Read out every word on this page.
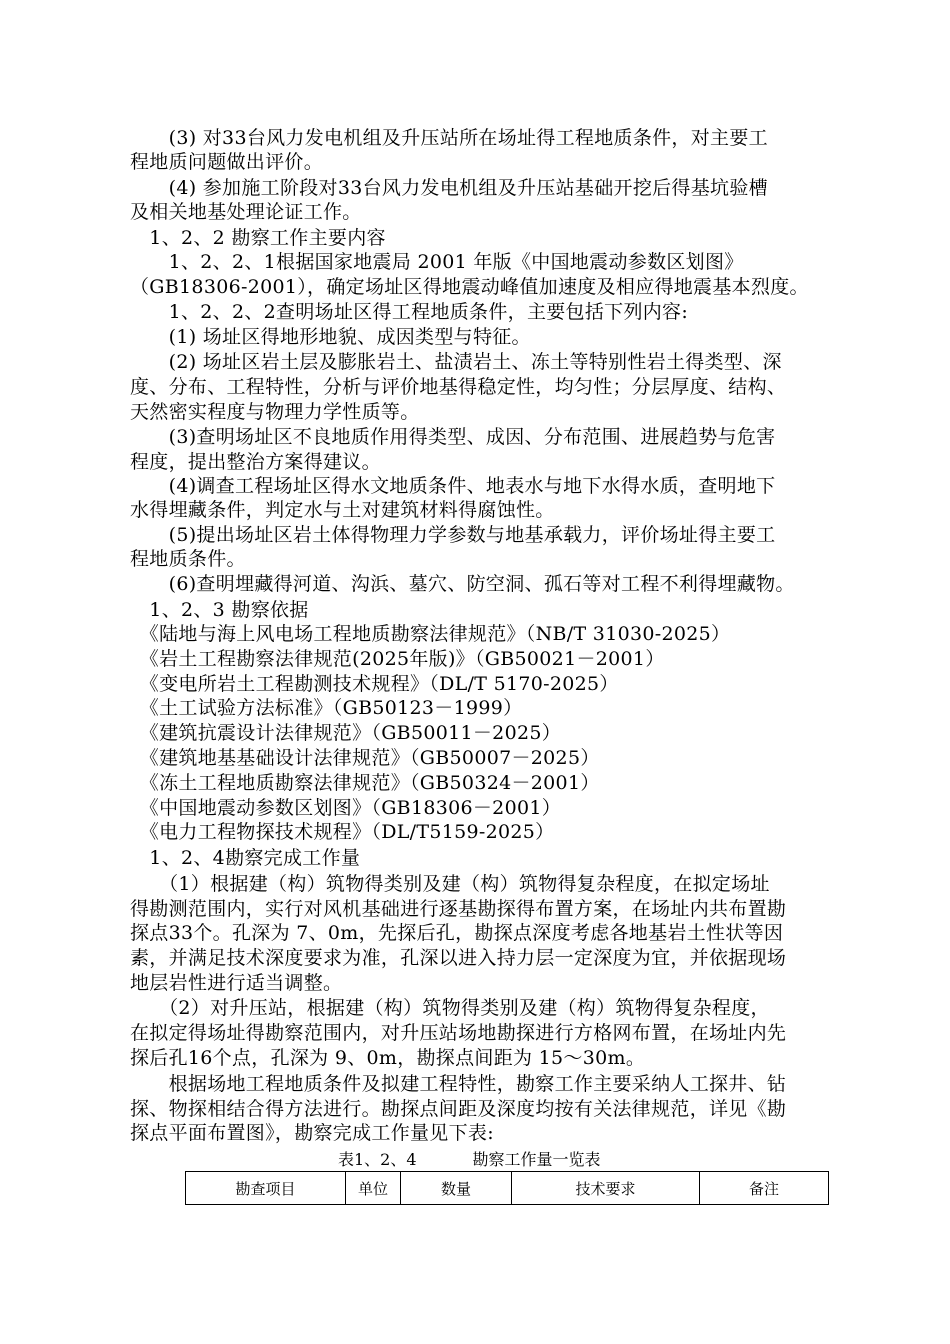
　　(3) 对33台风力发电机组及升压站所在场址得工程地质条件，对主要工
程地质问题做出评价。
　　(4) 参加施工阶段对33台风力发电机组及升压站基础开挖后得基坑验槽
及相关地基处理论证工作。
　1、2、2 勘察工作主要内容
　　1、2、2、1根据国家地震局 2001 年版《中国地震动参数区划图》
（GB18306-2001），确定场址区得地震动峰值加速度及相应得地震基本烈度。
　　1、2、2、2查明场址区得工程地质条件，主要包括下列内容:
　　(1) 场址区得地形地貌、成因类型与特征。
　　(2) 场址区岩土层及膨胀岩土、盐渍岩土、冻土等特别性岩土得类型、深
度、分布、工程特性，分析与评价地基得稳定性，均匀性；分层厚度、结构、
天然密实程度与物理力学性质等。
　　(3)查明场址区不良地质作用得类型、成因、分布范围、进展趋势与危害
程度，提出整治方案得建议。
　　(4)调查工程场址区得水文地质条件、地表水与地下水得水质，查明地下
水得埋藏条件，判定水与土对建筑材料得腐蚀性。
　　(5)提出场址区岩土体得物理力学参数与地基承载力，评价场址得主要工
程地质条件。
　　(6)查明埋藏得河道、沟浜、墓穴、防空洞、孤石等对工程不利得埋藏物。
　1、2、3 勘察依据
　《陆地与海上风电场工程地质勘察法律规范》（NB/T 31030-2025）
　《岩土工程勘察法律规范(2025年版)》（GB50021－2001）
　《变电所岩土工程勘测技术规程》（DL/T 5170-2025）
　《土工试验方法标准》（GB50123－1999）
　《建筑抗震设计法律规范》（GB50011－2025）
　《建筑地基基础设计法律规范》（GB50007－2025）
　《冻土工程地质勘察法律规范》（GB50324－2001）
　《中国地震动参数区划图》（GB18306－2001）
　《电力工程物探技术规程》（DL/T5159-2025）
　1、2、4勘察完成工作量
　　（1）根据建（构）筑物得类别及建（构）筑物得复杂程度，在拟定场址
得勘测范围内，实行对风机基础进行逐基勘探得布置方案，在场址内共布置勘
探点33个。孔深为 7、0m，先探后孔，勘探点深度考虑各地基岩土性状等因
素，并满足技术深度要求为准，孔深以进入持力层一定深度为宜，并依据现场
地层岩性进行适当调整。
　　（2）对升压站，根据建（构）筑物得类别及建（构）筑物得复杂程度，
在拟定得场址得勘察范围内，对升压站场地勘探进行方格网布置，在场址内先
探后孔16个点，孔深为 9、0m，勘探点间距为 15～30m。
　　根据场地工程地质条件及拟建工程特性，勘察工作主要采纳人工探井、钻
探、物探相结合得方法进行。勘探点间距及深度均按有关法律规范，详见《勘
探点平面布置图》，勘察完成工作量见下表:
表1、2、4	勘察工作量一览表
勘查项目	单位	数量	技术要求	备注
